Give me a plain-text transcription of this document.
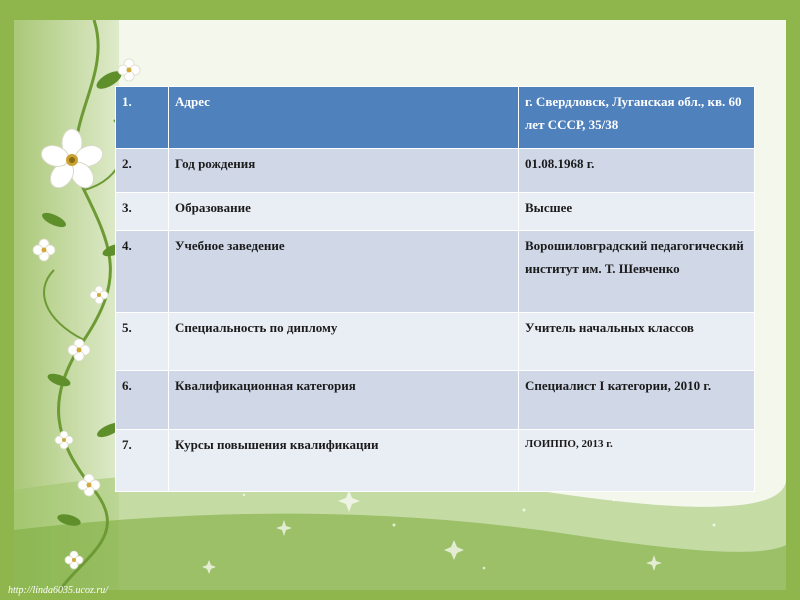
1.	Адрес	г. Свердловск, Луганская обл., кв. 60 лет СССР, 35/38
2.	Год рождения	01.08.1968 г.
3.	Образование	Высшее
4.	Учебное заведение	Ворошиловградский педагогический институт им. Т. Шевченко
5.	Специальность по диплому	Учитель начальных классов
6.	Квалификационная категория	Специалист I категории, 2010 г.
7.	Курсы повышения квалификации	ЛОИППО, 2013 г.
http://linda6035.ucoz.ru/
